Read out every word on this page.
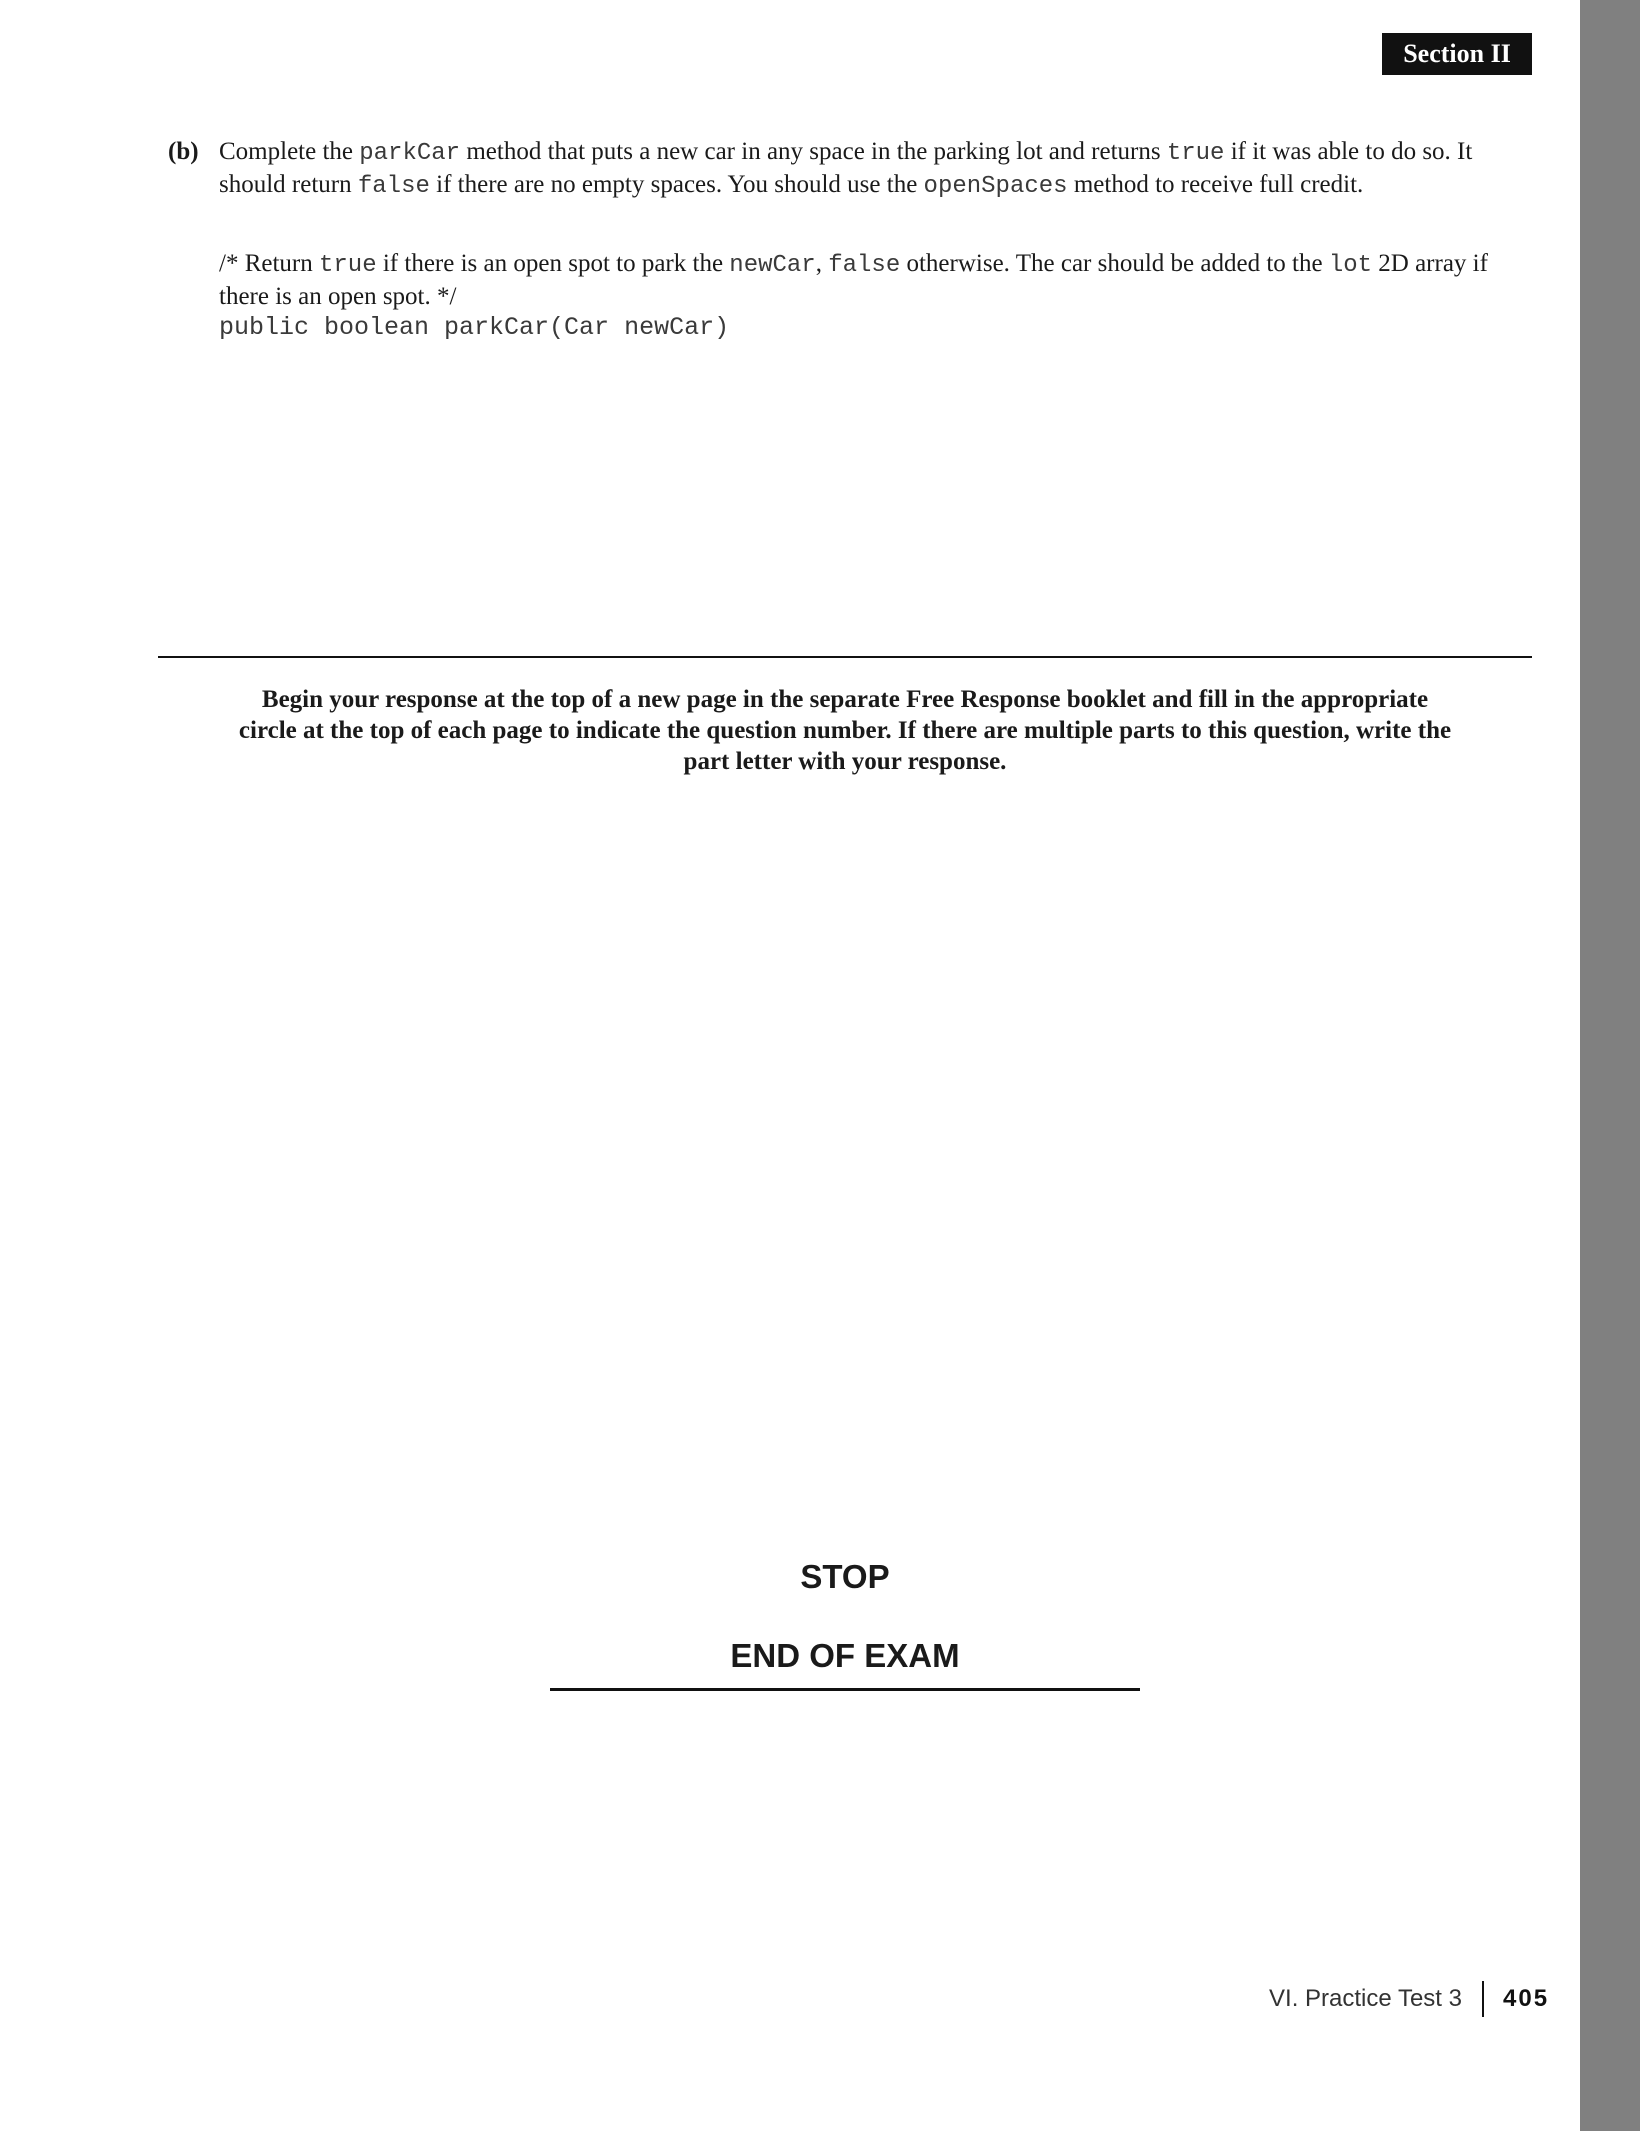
Section II
(b) Complete the parkCar method that puts a new car in any space in the parking lot and returns true if it was able to do so. It should return false if there are no empty spaces. You should use the openSpaces method to receive full credit.
/* Return true if there is an open spot to park the newCar, false otherwise. The car should be added to the lot 2D array if there is an open spot. */
public boolean parkCar(Car newCar)
Begin your response at the top of a new page in the separate Free Response booklet and fill in the appropriate circle at the top of each page to indicate the question number. If there are multiple parts to this question, write the part letter with your response.
STOP
END OF EXAM
VI. Practice Test 3 405
